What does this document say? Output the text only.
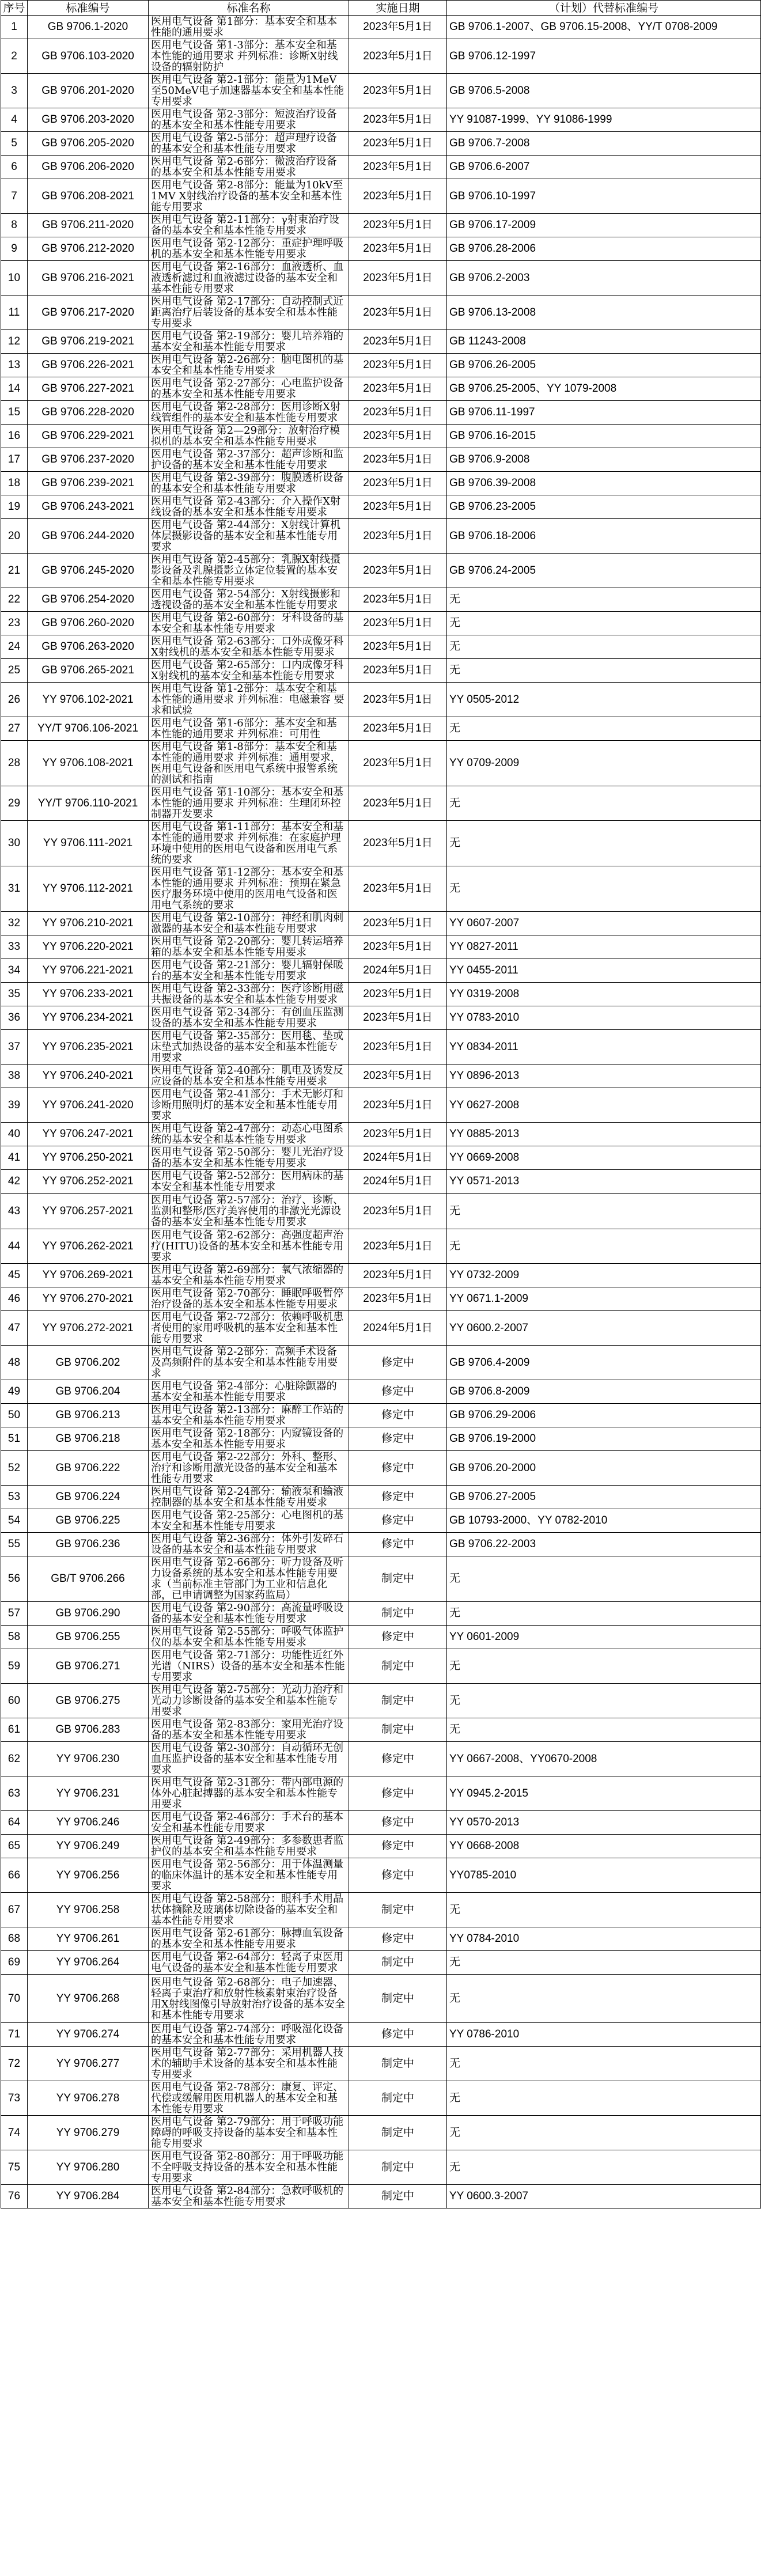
序号	标准编号	标准名称	实施日期	（计划）代替标准编号
1	GB 9706.1-2020	医用电气设备 第1部分：基本安全和基本性能的通用要求	2023年5月1日	GB 9706.1-2007、GB 9706.15-2008、YY/T 0708-2009
2	GB 9706.103-2020	医用电气设备 第1-3部分：基本安全和基本性能的通用要求 并列标准：诊断X射线设备的辐射防护	2023年5月1日	GB 9706.12-1997
3	GB 9706.201-2020	医用电气设备 第2-1部分：能量为1MeV至50MeV电子加速器基本安全和基本性能专用要求	2023年5月1日	GB 9706.5-2008
4	GB 9706.203-2020	医用电气设备 第2-3部分：短波治疗设备的基本安全和基本性能专用要求	2023年5月1日	YY 91087-1999、YY 91086-1999
5	GB 9706.205-2020	医用电气设备 第2-5部分：超声理疗设备的基本安全和基本性能专用要求	2023年5月1日	GB 9706.7-2008
6	GB 9706.206-2020	医用电气设备 第2-6部分：微波治疗设备的基本安全和基本性能专用要求	2023年5月1日	GB 9706.6-2007
7	GB 9706.208-2021	医用电气设备 第2-8部分：能量为10kV至1MV X射线治疗设备的基本安全和基本性能专用要求	2023年5月1日	GB 9706.10-1997
8	GB 9706.211-2020	医用电气设备 第2-11部分：γ射束治疗设备的基本安全和基本性能专用要求	2023年5月1日	GB 9706.17-2009
9	GB 9706.212-2020	医用电气设备 第2-12部分：重症护理呼吸机的基本安全和基本性能专用要求	2023年5月1日	GB 9706.28-2006
10	GB 9706.216-2021	医用电气设备 第2-16部分：血液透析、血液透析滤过和血液滤过设备的基本安全和基本性能专用要求	2023年5月1日	GB 9706.2-2003
11	GB 9706.217-2020	医用电气设备 第2-17部分：自动控制式近距离治疗后装设备的基本安全和基本性能专用要求	2023年5月1日	GB 9706.13-2008
12	GB 9706.219-2021	医用电气设备 第2-19部分：婴儿培养箱的基本安全和基本性能专用要求	2023年5月1日	GB 11243-2008
13	GB 9706.226-2021	医用电气设备 第2-26部分：脑电图机的基本安全和基本性能专用要求	2023年5月1日	GB 9706.26-2005
14	GB 9706.227-2021	医用电气设备 第2-27部分：心电监护设备的基本安全和基本性能专用要求	2023年5月1日	GB 9706.25-2005、YY 1079-2008
15	GB 9706.228-2020	医用电气设备 第2-28部分：医用诊断X射线管组件的基本安全和基本性能专用要求	2023年5月1日	GB 9706.11-1997
16	GB 9706.229-2021	医用电气设备 第2—29部分：放射治疗模拟机的基本安全和基本性能专用要求	2023年5月1日	GB 9706.16-2015
17	GB 9706.237-2020	医用电气设备 第2-37部分：超声诊断和监护设备的基本安全和基本性能专用要求	2023年5月1日	GB 9706.9-2008
18	GB 9706.239-2021	医用电气设备 第2-39部分：腹膜透析设备的基本安全和基本性能专用要求	2023年5月1日	GB 9706.39-2008
19	GB 9706.243-2021	医用电气设备 第2-43部分：介入操作X射线设备的基本安全和基本性能专用要求	2023年5月1日	GB 9706.23-2005
20	GB 9706.244-2020	医用电气设备 第2-44部分：X射线计算机体层摄影设备的基本安全和基本性能专用要求	2023年5月1日	GB 9706.18-2006
21	GB 9706.245-2020	医用电气设备 第2-45部分：乳腺X射线摄影设备及乳腺摄影立体定位装置的基本安全和基本性能专用要求	2023年5月1日	GB 9706.24-2005
22	GB 9706.254-2020	医用电气设备 第2-54部分：X射线摄影和透视设备的基本安全和基本性能专用要求	2023年5月1日	无
23	GB 9706.260-2020	医用电气设备 第2-60部分：牙科设备的基本安全和基本性能专用要求	2023年5月1日	无
24	GB 9706.263-2020	医用电气设备 第2-63部分：口外成像牙科X射线机的基本安全和基本性能专用要求	2023年5月1日	无
25	GB 9706.265-2021	医用电气设备 第2-65部分：口内成像牙科X射线机的基本安全和基本性能专用要求	2023年5月1日	无
26	YY 9706.102-2021	医用电气设备 第1-2部分：基本安全和基本性能的通用要求 并列标准：电磁兼容 要求和试验	2023年5月1日	YY 0505-2012
27	YY/T 9706.106-2021	医用电气设备 第1-6部分：基本安全和基本性能的通用要求 并列标准：可用性	2023年5月1日	无
28	YY 9706.108-2021	医用电气设备 第1-8部分：基本安全和基本性能的通用要求 并列标准：通用要求，医用电气设备和医用电气系统中报警系统的测试和指南	2023年5月1日	YY 0709-2009
29	YY/T 9706.110-2021	医用电气设备 第1-10部分：基本安全和基本性能的通用要求 并列标准：生理闭环控制器开发要求	2023年5月1日	无
30	YY 9706.111-2021	医用电气设备 第1-11部分：基本安全和基本性能的通用要求 并列标准：在家庭护理环境中使用的医用电气设备和医用电气系统的要求	2023年5月1日	无
31	YY 9706.112-2021	医用电气设备 第1-12部分：基本安全和基本性能的通用要求 并列标准：预期在紧急医疗服务环境中使用的医用电气设备和医用电气系统的要求	2023年5月1日	无
32	YY 9706.210-2021	医用电气设备 第2-10部分：神经和肌肉刺激器的基本安全和基本性能专用要求	2023年5月1日	YY 0607-2007
33	YY 9706.220-2021	医用电气设备 第2-20部分：婴儿转运培养箱的基本安全和基本性能专用要求	2023年5月1日	YY 0827-2011
34	YY 9706.221-2021	医用电气设备 第2-21部分：婴儿辐射保暖台的基本安全和基本性能专用要求	2024年5月1日	YY 0455-2011
35	YY 9706.233-2021	医用电气设备 第2-33部分：医疗诊断用磁共振设备的基本安全和基本性能专用要求	2023年5月1日	YY 0319-2008
36	YY 9706.234-2021	医用电气设备 第2-34部分：有创血压监测设备的基本安全和基本性能专用要求	2023年5月1日	YY 0783-2010
37	YY 9706.235-2021	医用电气设备 第2-35部分：医用毯、垫或床垫式加热设备的基本安全和基本性能专用要求	2023年5月1日	YY 0834-2011
38	YY 9706.240-2021	医用电气设备 第2-40部分：肌电及诱发反应设备的基本安全和基本性能专用要求	2023年5月1日	YY 0896-2013
39	YY 9706.241-2020	医用电气设备 第2-41部分：手术无影灯和诊断用照明灯的基本安全和基本性能专用要求	2023年5月1日	YY 0627-2008
40	YY 9706.247-2021	医用电气设备 第2-47部分：动态心电图系统的基本安全和基本性能专用要求	2023年5月1日	YY 0885-2013
41	YY 9706.250-2021	医用电气设备 第2-50部分：婴儿光治疗设备的基本安全和基本性能专用要求	2024年5月1日	YY 0669-2008
42	YY 9706.252-2021	医用电气设备 第2-52部分：医用病床的基本安全和基本性能专用要求	2024年5月1日	YY 0571-2013
43	YY 9706.257-2021	医用电气设备 第2-57部分：治疗、诊断、监测和整形/医疗美容使用的非激光光源设备的基本安全和基本性能专用要求	2023年5月1日	无
44	YY 9706.262-2021	医用电气设备 第2-62部分：高强度超声治疗(HITU)设备的基本安全和基本性能专用要求	2023年5月1日	无
45	YY 9706.269-2021	医用电气设备 第2-69部分：氧气浓缩器的基本安全和基本性能专用要求	2023年5月1日	YY 0732-2009
46	YY 9706.270-2021	医用电气设备 第2-70部分：睡眠呼吸暂停治疗设备的基本安全和基本性能专用要求	2023年5月1日	YY 0671.1-2009
47	YY 9706.272-2021	医用电气设备 第2-72部分：依赖呼吸机患者使用的家用呼吸机的基本安全和基本性能专用要求	2024年5月1日	YY 0600.2-2007
48	GB 9706.202	医用电气设备 第2-2部分：高频手术设备及高频附件的基本安全和基本性能专用要求	修定中	GB 9706.4-2009
49	GB 9706.204	医用电气设备 第2-4部分：心脏除颤器的基本安全和基本性能专用要求	修定中	GB 9706.8-2009
50	GB 9706.213	医用电气设备 第2-13部分：麻醉工作站的基本安全和基本性能专用要求	修定中	GB 9706.29-2006
51	GB 9706.218	医用电气设备 第2-18部分：内窥镜设备的基本安全和基本性能专用要求	修定中	GB 9706.19-2000
52	GB 9706.222	医用电气设备 第2-22部分：外科、整形、治疗和诊断用激光设备的基本安全和基本性能专用要求	修定中	GB 9706.20-2000
53	GB 9706.224	医用电气设备 第2-24部分：输液泵和输液控制器的基本安全和基本性能专用要求	修定中	GB 9706.27-2005
54	GB 9706.225	医用电气设备 第2-25部分：心电图机的基本安全和基本性能专用要求	修定中	GB 10793-2000、YY 0782-2010
55	GB 9706.236	医用电气设备 第2-36部分：体外引发碎石设备的基本安全和基本性能专用要求	修定中	GB 9706.22-2003
56	GB/T 9706.266	医用电气设备 第2-66部分：听力设备及听力设备系统的基本安全和基本性能专用要求（当前标准主管部门为工业和信息化部，已申请调整为国家药监局）	制定中	无
57	GB 9706.290	医用电气设备 第2-90部分：高流量呼吸设备的基本安全和基本性能专用要求	制定中	无
58	GB 9706.255	医用电气设备 第2-55部分：呼吸气体监护仪的基本安全和基本性能专用要求	修定中	YY 0601-2009
59	GB 9706.271	医用电气设备 第2-71部分：功能性近红外光谱（NIRS）设备的基本安全和基本性能专用要求	制定中	无
60	GB 9706.275	医用电气设备 第2-75部分：光动力治疗和光动力诊断设备的基本安全和基本性能专用要求	制定中	无
61	GB 9706.283	医用电气设备 第2-83部分：家用光治疗设备的基本安全和基本性能专用要求	制定中	无
62	YY 9706.230	医用电气设备 第2-30部分：自动循环无创血压监护设备的基本安全和基本性能专用要求	修定中	YY 0667-2008、YY0670-2008
63	YY 9706.231	医用电气设备 第2-31部分：带内部电源的体外心脏起搏器的基本安全和基本性能专用要求	修定中	YY 0945.2-2015
64	YY 9706.246	医用电气设备 第2-46部分：手术台的基本安全和基本性能专用要求	修定中	YY 0570-2013
65	YY 9706.249	医用电气设备 第2-49部分：多参数患者监护仪的基本安全和基本性能专用要求	修定中	YY 0668-2008
66	YY 9706.256	医用电气设备 第2-56部分：用于体温测量的临床体温计的基本安全和基本性能专用要求	修定中	YY0785-2010
67	YY 9706.258	医用电气设备 第2-58部分：眼科手术用晶状体摘除及玻璃体切除设备的基本安全和基本性能专用要求	制定中	无
68	YY 9706.261	医用电气设备 第2-61部分：脉搏血氧设备的基本安全和基本性能专用要求	修定中	YY 0784-2010
69	YY 9706.264	医用电气设备 第2-64部分：轻离子束医用电气设备的基本安全和基本性能专用要求	制定中	无
70	YY 9706.268	医用电气设备 第2-68部分：电子加速器、轻离子束治疗和放射性核素射束治疗设备用X射线图像引导放射治疗设备的基本安全和基本性能专用要求	制定中	无
71	YY 9706.274	医用电气设备 第2-74部分：呼吸湿化设备的基本安全和基本性能专用要求	修定中	YY 0786-2010
72	YY 9706.277	医用电气设备 第2-77部分：采用机器人技术的辅助手术设备的基本安全和基本性能专用要求	制定中	无
73	YY 9706.278	医用电气设备 第2-78部分：康复、评定、代偿或缓解用医用机器人的基本安全和基本性能专用要求	制定中	无
74	YY 9706.279	医用电气设备 第2-79部分：用于呼吸功能障碍的呼吸支持设备的基本安全和基本性能专用要求	制定中	无
75	YY 9706.280	医用电气设备 第2-80部分：用于呼吸功能不全呼吸支持设备的基本安全和基本性能专用要求	制定中	无
76	YY 9706.284	医用电气设备 第2-84部分：急救呼吸机的基本安全和基本性能专用要求	制定中	YY 0600.3-2007
